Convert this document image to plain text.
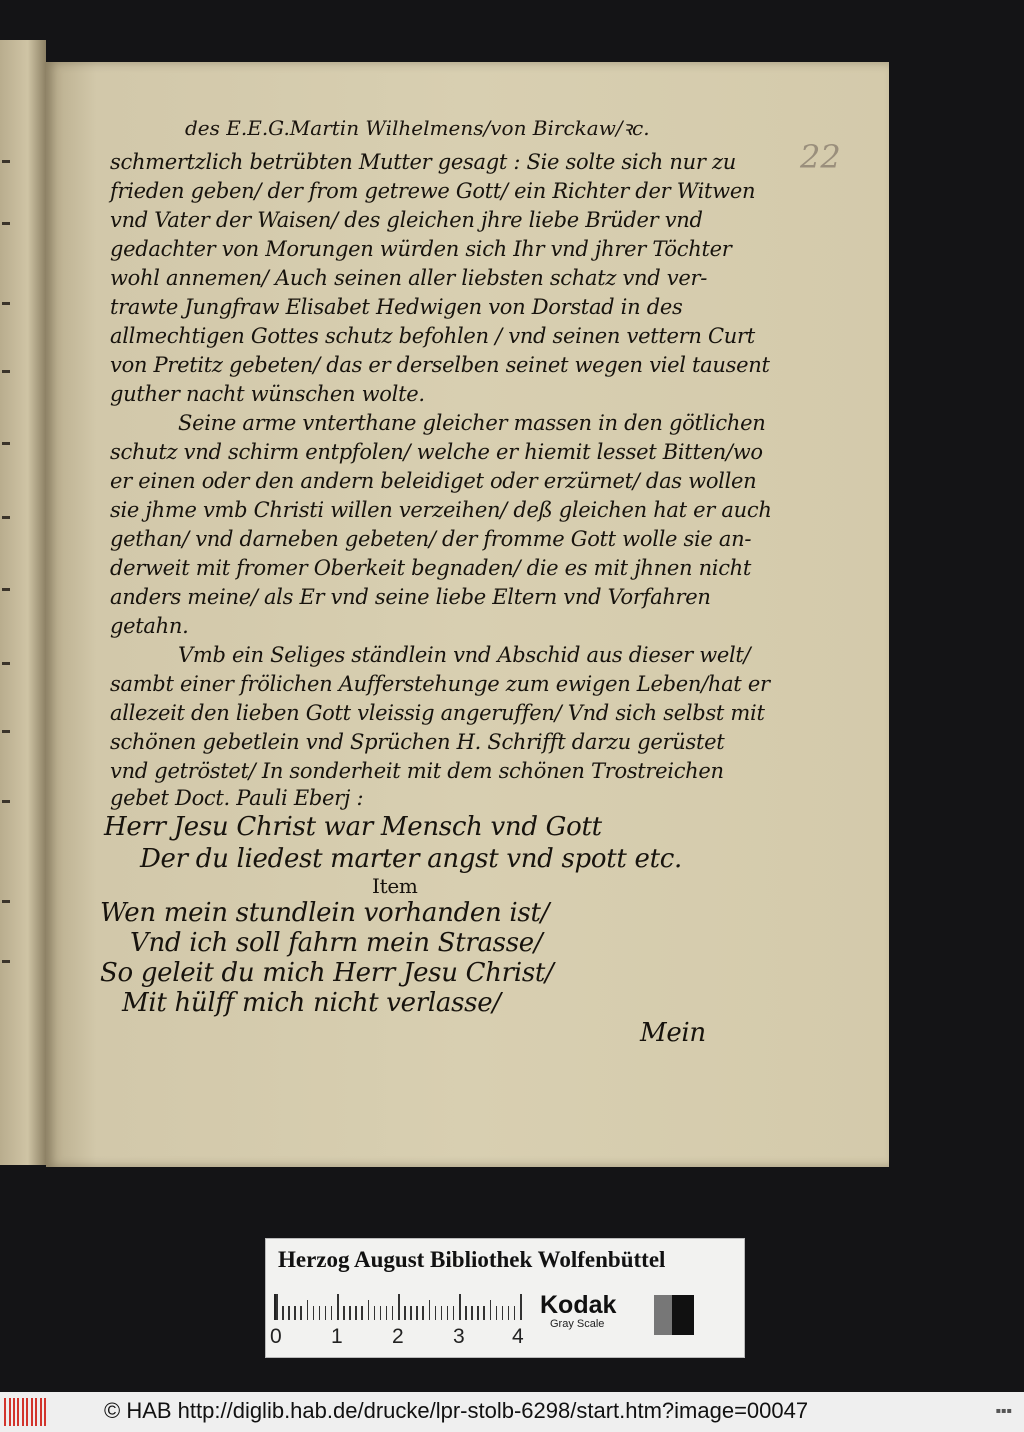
des E.E.G.Martin Wilhelmens/von Birckaw/ꝛc.
22
schmertzlich betrübten Mutter gesagt : Sie solte sich nur zu
frieden geben/ der from getrewe Gott/ ein Richter der Witwen
vnd Vater der Waisen/ des gleichen jhre liebe Brüder vnd
gedachter von Morungen würden sich Ihr vnd jhrer Töchter
wohl annemen/ Auch seinen aller liebsten schatz vnd ver-
trawte Jungfraw Elisabet Hedwigen von Dorstad in des
allmechtigen Gottes schutz befohlen / vnd seinen vettern Curt
von Pretitz gebeten/ das er derselben seinet wegen viel tausent
guther nacht wünschen wolte.
Seine arme vnterthane gleicher massen in den götlichen
schutz vnd schirm entpfolen/ welche er hiemit lesset Bitten/wo
er einen oder den andern beleidiget oder erzürnet/ das wollen
sie jhme vmb Christi willen verzeihen/ deß gleichen hat er auch
gethan/ vnd darneben gebeten/ der fromme Gott wolle sie an-
derweit mit fromer Oberkeit begnaden/ die es mit jhnen nicht
anders meine/ als Er vnd seine liebe Eltern vnd Vorfahren
getahn.
Vmb ein Seliges ständlein vnd Abschid aus dieser welt/
sambt einer frölichen Aufferstehunge zum ewigen Leben/hat er
allezeit den lieben Gott vleissig angeruffen/ Vnd sich selbst mit
schönen gebetlein vnd Sprüchen H. Schrifft darzu gerüstet
vnd getröstet/ In sonderheit mit dem schönen Trostreichen
gebet Doct. Pauli Eberj :
Herr Jesu Christ war Mensch vnd Gott
Der du liedest marter angst vnd spott etc.
Item
Wen mein stundlein vorhanden ist/
Vnd ich soll fahrn mein Strasse/
So geleit du mich Herr Jesu Christ/
Mit hülff mich nicht verlasse/
Mein
Herzog August Bibliothek Wolfenbüttel
0 1 2 3 4
Kodak
Gray Scale
© HAB http://diglib.hab.de/drucke/lpr-stolb-6298/start.htm?image=00047	▪▪▪
